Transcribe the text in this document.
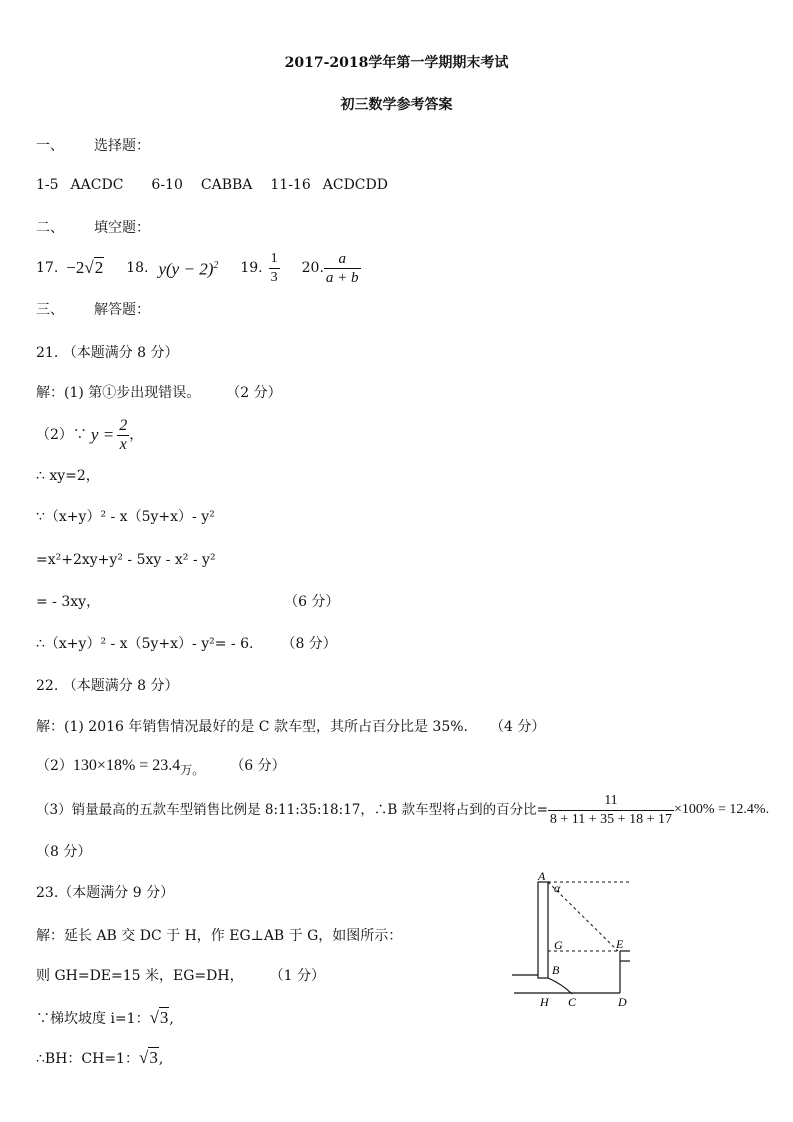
2017-2018学年第一学期期末考试
初三数学参考答案
一、 选择题：
1-5 AACDC 6-10 CABBA 11-16 ACDCDD
二、 填空题：
17. −2√2 18. $y(y - 2)^2$ 19. $\frac{1}{3} 20$. $\frac{a}{a + b}$
三、 解答题：
21. （本题满分 8 分）
解：(1) 第①步出现错误。 （2 分）
（2）∵ $y = \frac{2}{x}$ ，
∴ xy=2，
∵（x+y）² - x（5y+x）- y²
=x²+2xy+y² - 5xy - x² - y²
= - 3xy，	（6 分）
∴（x+y）² - x（5y+x）- y²= - 6. （8 分）
22. （本题满分 8 分）
解：(1) 2016 年销售情况最好的是 C 款车型，其所占百分比是 35%. （4 分）
（2）130×18% = 23.4万。 （6 分）
（3）销量最高的五款车型销售比例是 8:11:35:18:17，∴B 款车型将占到的百分比= $\frac{11}{8 + 11 + 35 + 18 + 17} \times 100\% = 12.4\%$.
（8 分）
23.（本题满分 9 分）
解：延长 AB 交 DC 于 H，作 EG⊥AB 于 G，如图所示：
则 GH=DE=15 米，EG=DH， （1 分）
∵梯坎坡度 i=1：√3,
∴BH：CH=1：√3,
A
α
G	E
B
H C	D
